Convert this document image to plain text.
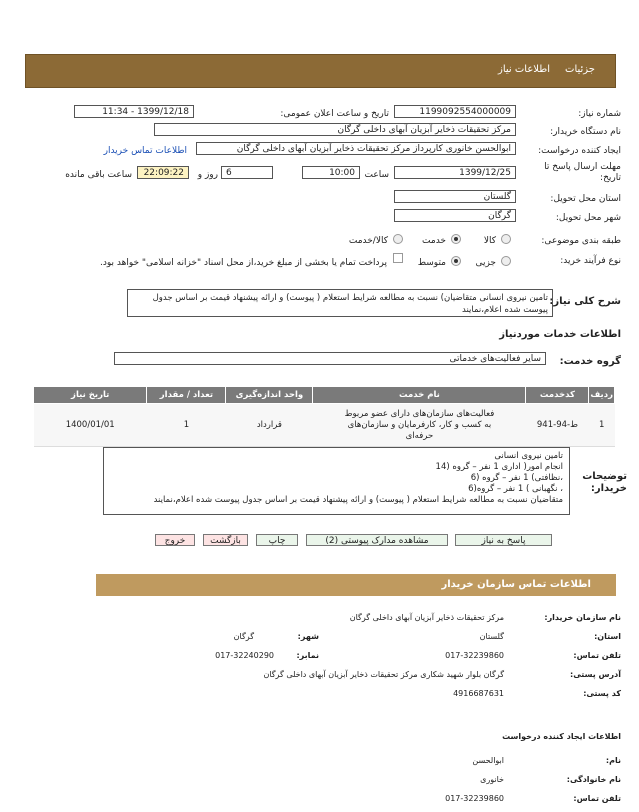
جزئیات
اطلاعات نیاز
شماره نیاز:
1199092554000009
تاریخ و ساعت اعلان عمومی:
1399/12/18 - 11:34
نام دستگاه خریدار:
مرکز تحقیقات ذخایر آبزیان آبهای داخلی گرگان
ایجاد کننده درخواست:
ابوالحسن خانوری کارپرداز مرکز تحقیقات ذخایر آبزیان آبهای داخلی گرگان
اطلاعات تماس خریدار
مهلت ارسال پاسخ تا تاریخ:
1399/12/25
ساعت
10:00
6
روز و
22:09:22
ساعت باقی مانده
استان محل تحویل:
گلستان
شهر محل تحویل:
گرگان
طبقه بندی موضوعی:
کالا
خدمت
کالا/خدمت
نوع فرآیند خرید:
جزیی
متوسط
پرداخت تمام یا بخشی از مبلغ خرید،از محل اسناد "خزانه اسلامی" خواهد بود.
شرح کلی نیاز:
تامین نیروی انسانی متقاضیان) نسبت به مطالعه شرایط استعلام ( پیوست) و ارائه پیشنهاد قیمت بر اساس جدول پیوست شده اعلام،نمایند
اطلاعات خدمات موردنیاز
گروه خدمت:
سایر فعالیت‌های خدماتی
ردیف	کدخدمت	نام خدمت	واحد اندازه‌گیری	تعداد / مقدار	تاریخ نیاز
1	ط-94-941	فعالیت‌های سازمان‌های دارای عضو مربوط به کسب و کار، کارفرمایان و سازمان‌های حرفه‌ای	قرارداد	1	1400/01/01
توضیحات خریدار:
تامین نیروی انسانی
انجام امور( اداری 1 نفر – گروه (14
،نظافتی) 1 نفر – گروه (6
، نگهبانی ) 1 نفر – گروه(6
متقاضیان نسبت به مطالعه شرایط استعلام ( پیوست) و ارائه پیشنهاد قیمت بر اساس جدول پیوست شده اعلام،نمایند
پاسخ به نیاز
مشاهده مدارک پیوستی (2)
چاپ
بازگشت
خروج
اطلاعات تماس سازمان خریدار
نام سازمان خریدار:
مرکز تحقیقات ذخایر آبزیان آبهای داخلی گرگان
استان:
گلستان
شهر:
گرگان
تلفن تماس:
017-32239860
نمابر:
017-32240290
آدرس پستی:
گرگان بلوار شهید شکاری مرکز تحقیقات ذخایر آبزیان آبهای داخلی گرگان
کد پستی:
4916687631
اطلاعات ایجاد کننده درخواست
نام:
ابوالحسن
نام خانوادگی:
خانوری
تلفن تماس:
017-32239860
